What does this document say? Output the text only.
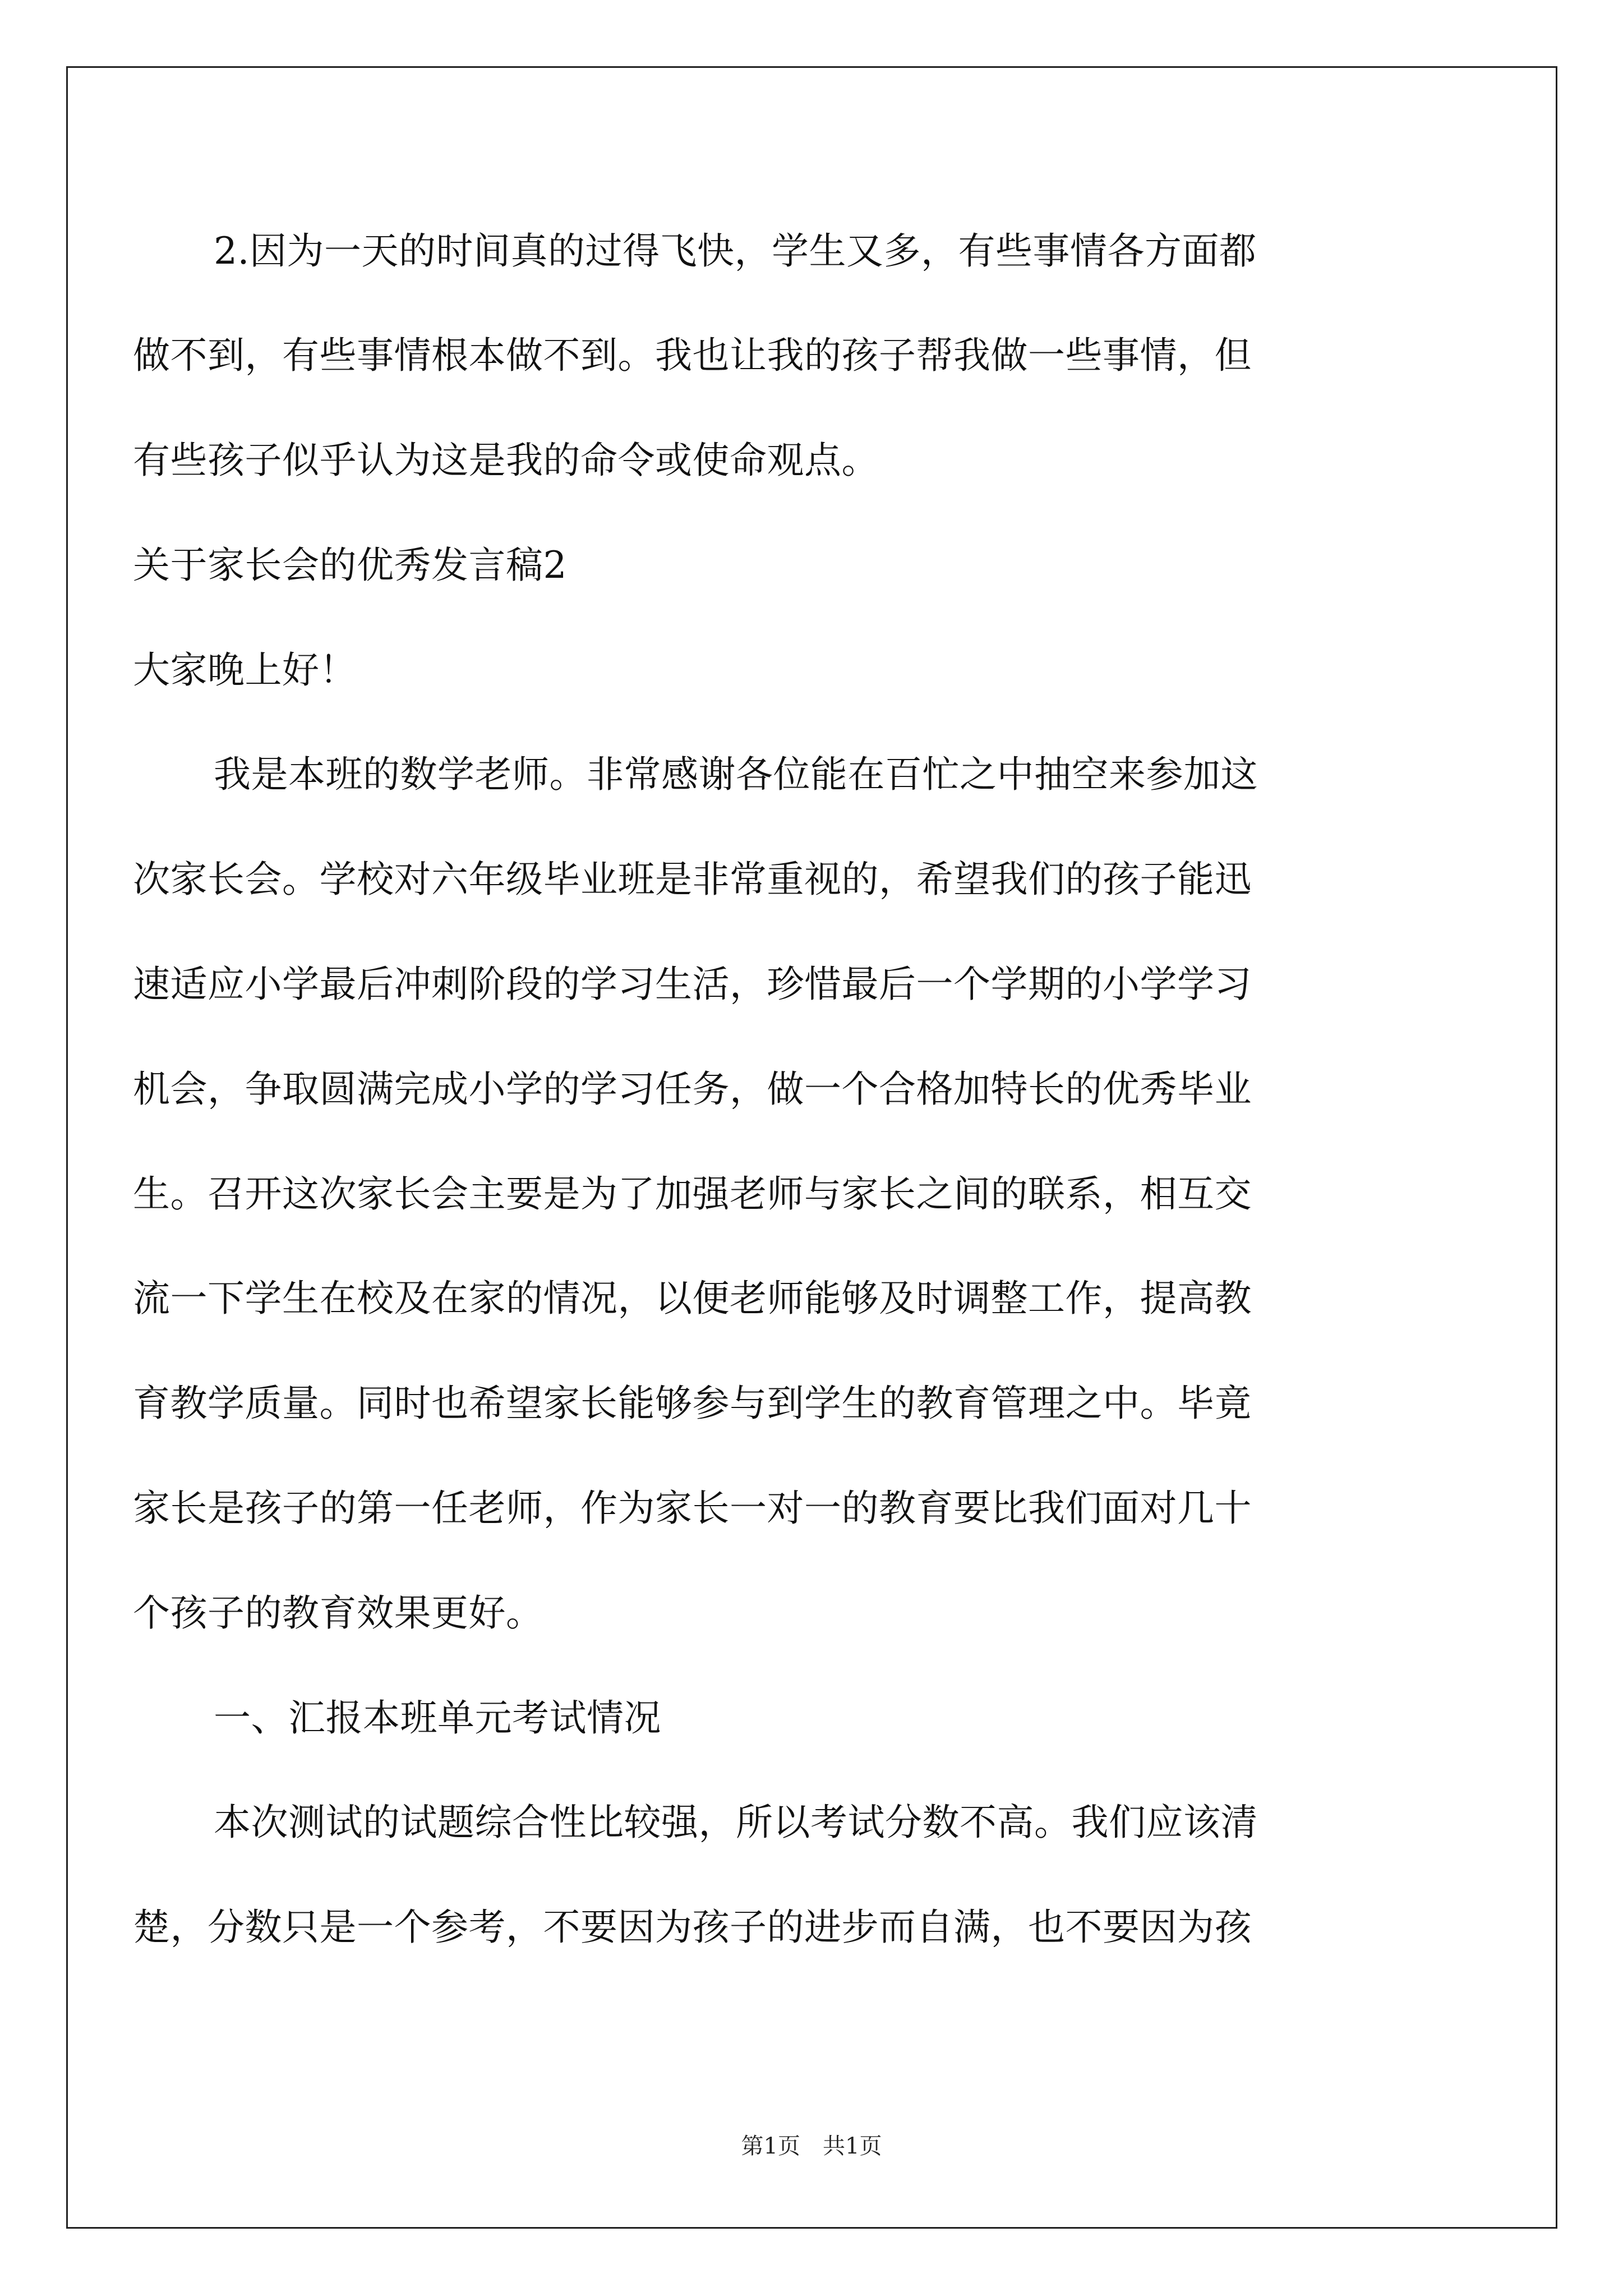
2.因为一天的时间真的过得飞快，学生又多，有些事情各方面都
做不到，有些事情根本做不到。我也让我的孩子帮我做一些事情，但
有些孩子似乎认为这是我的命令或使命观点。
关于家长会的优秀发言稿2
大家晚上好！
我是本班的数学老师。非常感谢各位能在百忙之中抽空来参加这
次家长会。学校对六年级毕业班是非常重视的，希望我们的孩子能迅
速适应小学最后冲刺阶段的学习生活，珍惜最后一个学期的小学学习
机会，争取圆满完成小学的学习任务，做一个合格加特长的优秀毕业
生。召开这次家长会主要是为了加强老师与家长之间的联系，相互交
流一下学生在校及在家的情况，以便老师能够及时调整工作，提高教
育教学质量。同时也希望家长能够参与到学生的教育管理之中。毕竟
家长是孩子的第一任老师，作为家长一对一的教育要比我们面对几十
个孩子的教育效果更好。
一、汇报本班单元考试情况
本次测试的试题综合性比较强，所以考试分数不高。我们应该清
楚，分数只是一个参考，不要因为孩子的进步而自满，也不要因为孩
第1页　共1页
